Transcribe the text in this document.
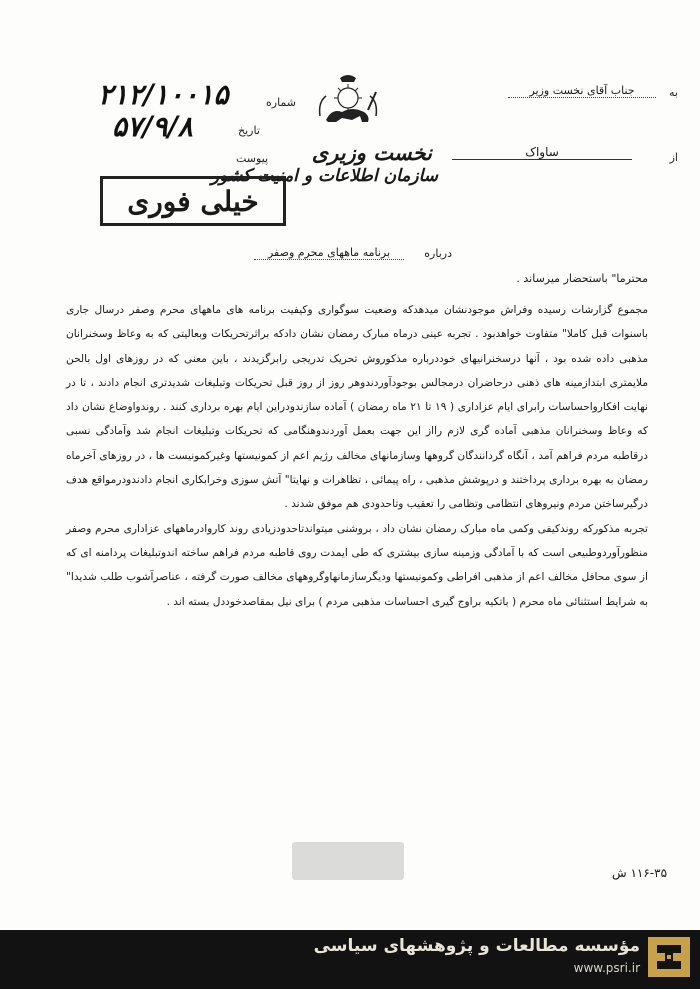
به
جناب آقای نخست وزیر
از
ساواک
نخست وزیری
سازمان اطلاعات و امنیت کشور
شماره
۲۱۲/۱۰۰۱۵
تاریخ
۵۷/۹/۸
پیوست
خیلی فوری
درباره
برنامه ماههای محرم وصفر
محترما" باستحضار میرساند .

مجموع گزارشات رسیده وفراش موجودنشان میدهدکه وضعیت سوگواری وکیفیت برنامه های ماههای محرم وصفر درسال جاری باسنوات قبل کاملا" متفاوت خواهدبود . تجربه عینی درماه مبارک رمضان نشان دادکه براثرتحریکات وبعالیتی که به وعاظ وسخنرانان مذهبی داده شده بود ، آنها درسخنرانیهای خوددرباره مذکوروش تحریک تدریجی رابرگزیدند ، باین معنی که در روزهای اول بالحن ملایمتری ابتدازمینه های ذهنی درحاضران درمجالس بوجودآوردندوهر روز از روز قبل تحریکات وتبلیغات شدیدتری انجام دادند ، تا در نهایت افکارواحساسات رابرای ایام عزاداری ( ۱۹ تا ۲۱ ماه رمضان ) آماده سازندودراین ایام بهره برداری کنند . روندواوضاع نشان داد که وعاظ وسخنرانان مذهبی آماده گری لازم رااز این جهت بعمل آوردندوهنگامی که تحریکات وتبلیغات انجام شد وآمادگی نسبی درقاطبه مردم فراهم آمد ، آنگاه گردانندگان گروهها وسازمانهای مخالف رژیم اعم از کمونیستها وغیرکمونیست ها ، در روزهای آخرماه رمضان به بهره برداری پرداختند و درپوشش مذهبی ، راه پیمائی ، تظاهرات و نهایتا" آتش سوزی وخرابکاری انجام دادندودرمواقع هدف درگیرساختن مردم ونیروهای انتظامی وتظامی را تعقیب وتاحدودی هم موفق شدند .

تجربه مذکورکه روندکیفی وکمی ماه مبارک رمضان نشان داد ، بروشنی میتواندتاحدودزیادی روند کاروادرماههای عزاداری محرم وصفر منظورآوردوطبیعی است که با آمادگی وزمینه سازی بیشتری که طی ایمدت روی قاطبه مردم فراهم ساخته اندوتبلیغات پردامنه ای که از سوی محافل مخالف اعم از مذهبی افراطی وکمونیستها ودیگرسازمانهاوگروههای مخالف صورت گرفته ، عناصرآشوب طلب شدیدا" به شرایط استثنائی ماه محرم ( باتکیه براوج گیری احساسات مذهبی مردم ) برای نیل بمقاصدخوددل بسته اند .

۱۱۶-۳۵ ش
مؤسسه مطالعات و پژوهشهای سیاسی
www.psri.ir
